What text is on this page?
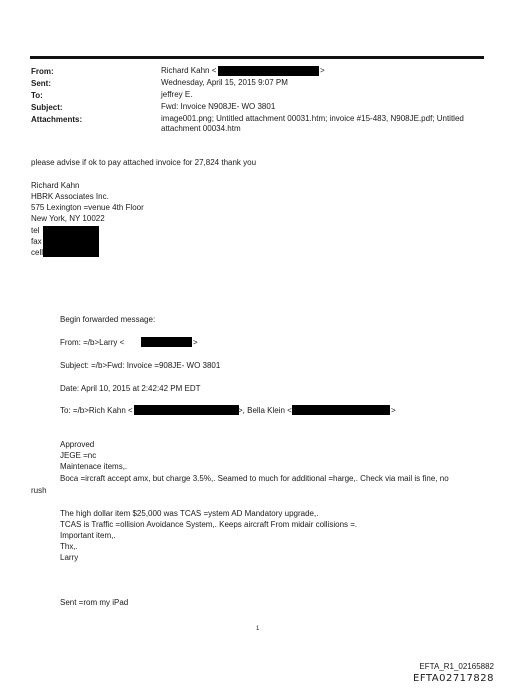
From:	Richard Kahn <	>
Sent:	Wednesday, April 15, 2015 9:07 PM
To:	jeffrey E.
Subject:	Fwd: Invoice N908JE- WO 3801
Attachments:	image001.png; Untitled attachment 00031.htm; invoice #15-483, N908JE.pdf; Untitled
attachment 00034.htm
please advise if ok to pay attached invoice for 27,824 thank you
Richard Kahn
HBRK Associates Inc.
575 Lexington =venue 4th Floor
New York, NY 10022
tel
fax
cell
Begin forwarded message:
From: =/b>Larry <	>
Subject: =/b>Fwd: Invoice =908JE- WO 3801
Date: April 10, 2015 at 2:42:42 PM EDT
To: =/b>Rich Kahn <	>, Bella Klein <	>
Approved
JEGE =nc
Maintenace items,.
Boca =ircraft accept amx, but charge 3.5%,. Seamed to much for additional =harge,. Check via mail is fine, no
rush
The high dollar item $25,000 was TCAS =ystem AD Mandatory upgrade,.
TCAS is Traffic =ollision Avoidance System,. Keeps aircraft From midair collisions =.
Important item,.
Thx,.
Larry
Sent =rom my iPad
1
EFTA_R1_02165882
EFTA02717828
